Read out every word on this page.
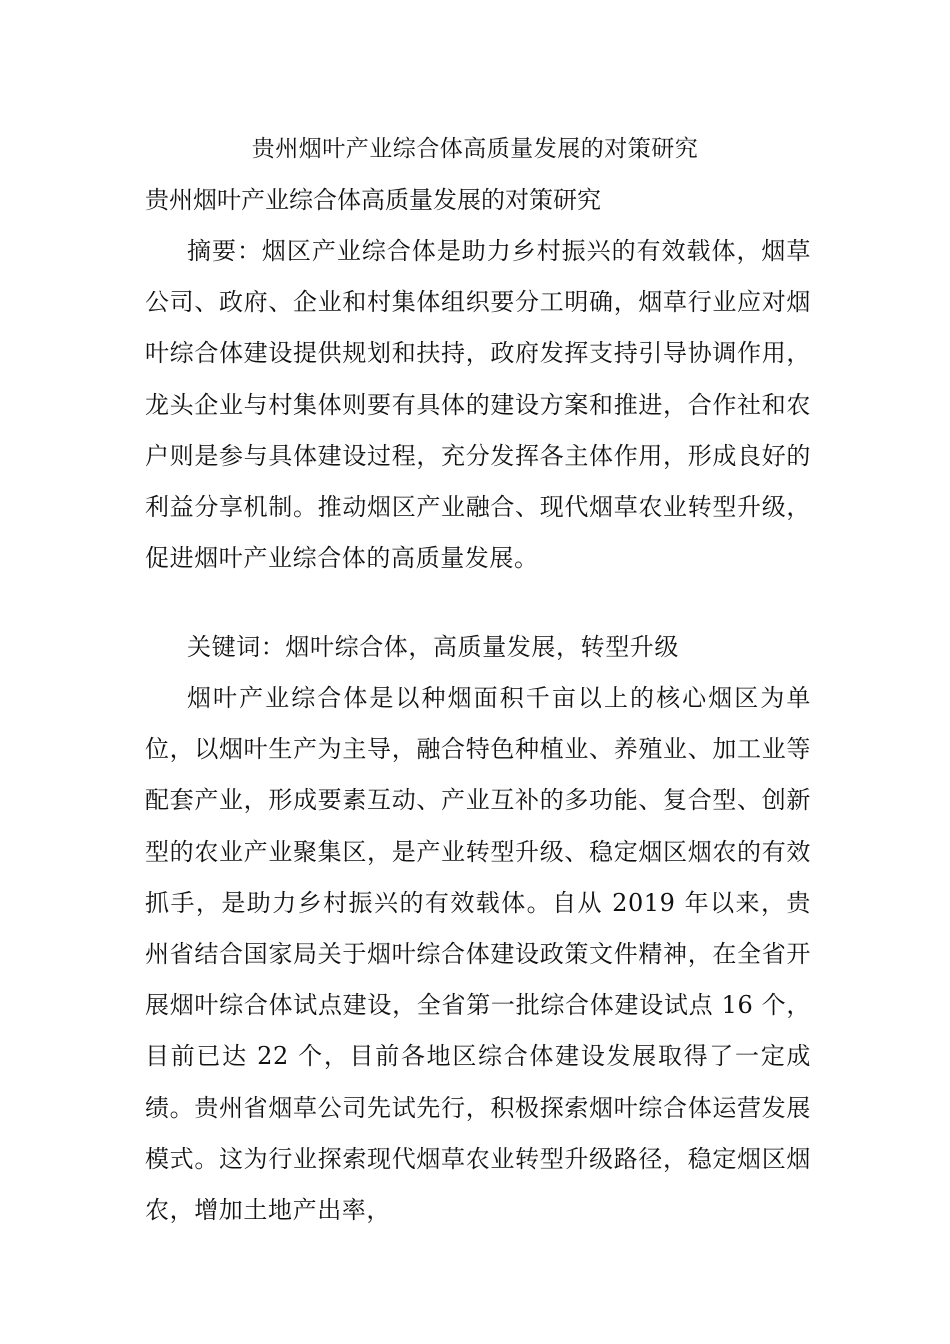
贵州烟叶产业综合体高质量发展的对策研究
贵州烟叶产业综合体高质量发展的对策研究

摘要：烟区产业综合体是助力乡村振兴的有效载体，烟草公司、政府、企业和村集体组织要分工明确，烟草行业应对烟叶综合体建设提供规划和扶持，政府发挥支持引导协调作用，龙头企业与村集体则要有具体的建设方案和推进，合作社和农户则是参与具体建设过程，充分发挥各主体作用，形成良好的利益分享机制。推动烟区产业融合、现代烟草农业转型升级，促进烟叶产业综合体的高质量发展。

关键词：烟叶综合体，高质量发展，转型升级

烟叶产业综合体是以种烟面积千亩以上的核心烟区为单位，以烟叶生产为主导，融合特色种植业、养殖业、加工业等配套产业，形成要素互动、产业互补的多功能、复合型、创新型的农业产业聚集区，是产业转型升级、稳定烟区烟农的有效抓手，是助力乡村振兴的有效载体。自从 2019 年以来，贵州省结合国家局关于烟叶综合体建设政策文件精神，在全省开展烟叶综合体试点建设，全省第一批综合体建设试点 16 个，目前已达 22 个，目前各地区综合体建设发展取得了一定成绩。贵州省烟草公司先试先行，积极探索烟叶综合体运营发展模式。这为行业探索现代烟草农业转型升级路径，稳定烟区烟农，增加土地产出率，
